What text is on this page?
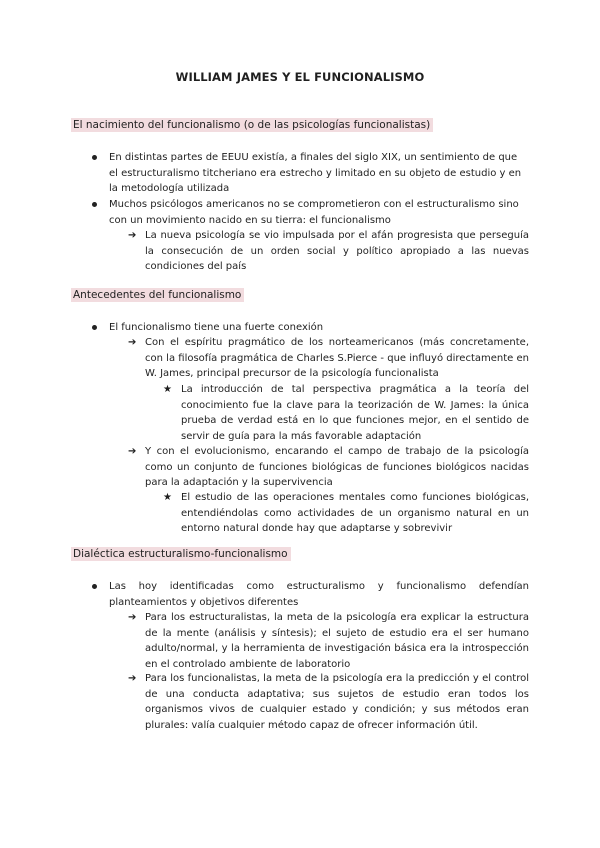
WILLIAM JAMES Y EL FUNCIONALISMO
El nacimiento del funcionalismo (o de las psicologías funcionalistas)
En distintas partes de EEUU existía, a finales del siglo XIX, un sentimiento de que el estructuralismo titcheriano era estrecho y limitado en su objeto de estudio y en la metodología utilizada
Muchos psicólogos americanos no se comprometieron con el estructuralismo sino con un movimiento nacido en su tierra: el funcionalismo
➔ La nueva psicología se vio impulsada por el afán progresista que perseguía la consecución de un orden social y político apropiado a las nuevas condiciones del país
Antecedentes del funcionalismo
El funcionalismo tiene una fuerte conexión
➔ Con el espíritu pragmático de los norteamericanos (más concretamente, con la filosofía pragmática de Charles S.Pierce - que influyó directamente en W. James, principal precursor de la psicología funcionalista
★ La introducción de tal perspectiva pragmática a la teoría del conocimiento fue la clave para la teorización de W. James: la única prueba de verdad está en lo que funciones mejor, en el sentido de servir de guía para la más favorable adaptación
➔ Y con el evolucionismo, encarando el campo de trabajo de la psicología como un conjunto de funciones biológicas de funciones biológicos nacidas para la adaptación y la supervivencia
★ El estudio de las operaciones mentales como funciones biológicas, entendiéndolas como actividades de un organismo natural en un entorno natural donde hay que adaptarse y sobrevivir
Dialéctica estructuralismo-funcionalismo
Las hoy identificadas como estructuralismo y funcionalismo defendían planteamientos y objetivos diferentes
➔ Para los estructuralistas, la meta de la psicología era explicar la estructura de la mente (análisis y síntesis); el sujeto de estudio era el ser humano adulto/normal, y la herramienta de investigación básica era la introspección en el controlado ambiente de laboratorio
➔ Para los funcionalistas, la meta de la psicología era la predicción y el control de una conducta adaptativa; sus sujetos de estudio eran todos los organismos vivos de cualquier estado y condición; y sus métodos eran plurales: valía cualquier método capaz de ofrecer información útil.
